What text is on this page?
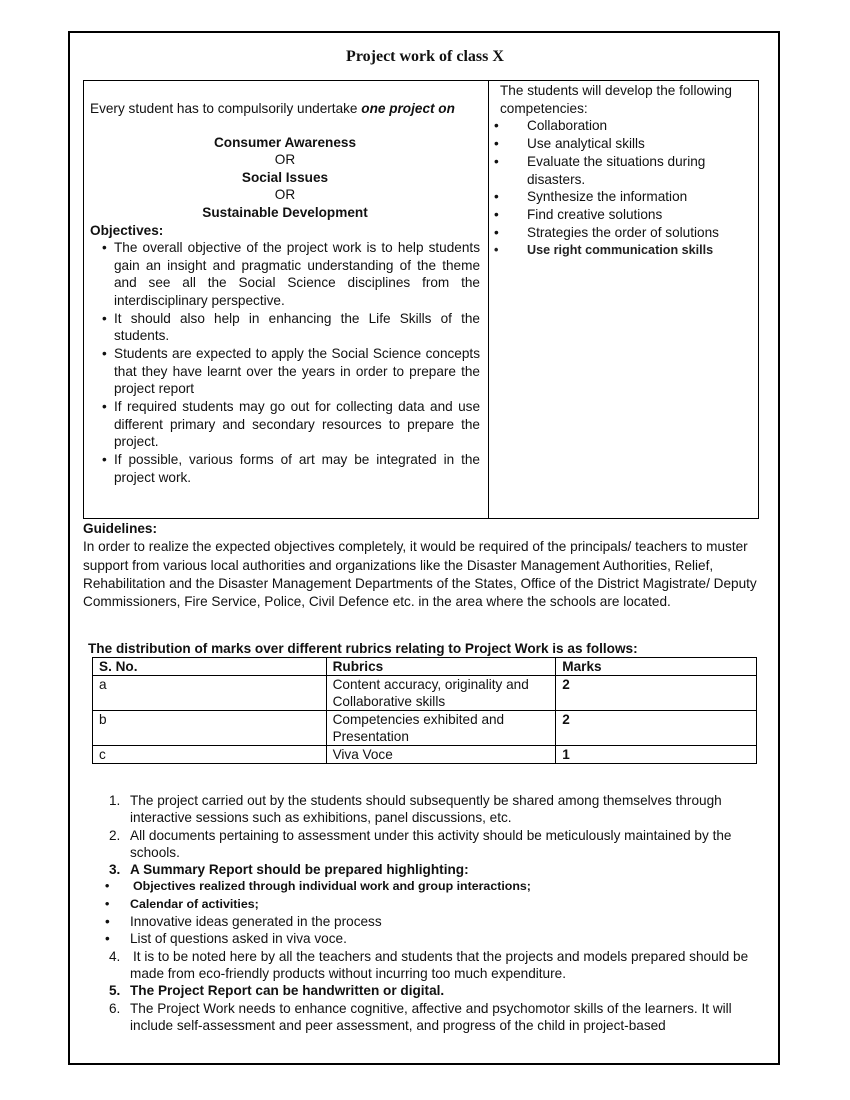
Project work of class X

Every student has to compulsorily undertake one project on

Consumer Awareness
OR
Social Issues
OR
Sustainable Development
Objectives:
• The overall objective of the project work is to help students gain an insight and pragmatic understanding of the theme and see all the Social Science disciplines from the interdisciplinary perspective.
• It should also help in enhancing the Life Skills of the students.
• Students are expected to apply the Social Science concepts that they have learnt over the years in order to prepare the project report
• If required students may go out for collecting data and use different primary and secondary resources to prepare the project.
• If possible, various forms of art may be integrated in the project work.
The students will develop the following competencies:
• Collaboration
• Use analytical skills
• Evaluate the situations during disasters.
• Synthesize the information
• Find creative solutions
• Strategies the order of solutions
• Use right communication skills
Guidelines:
In order to realize the expected objectives completely, it would be required of the principals/ teachers to muster support from various local authorities and organizations like the Disaster Management Authorities, Relief, Rehabilitation and the Disaster Management Departments of the States, Office of the District Magistrate/ Deputy Commissioners, Fire Service, Police, Civil Defence etc. in the area where the schools are located.
The distribution of marks over different rubrics relating to Project Work is as follows:
S. No.	Rubrics	Marks
a	Content accuracy, originality and Collaborative skills	2
b	Competencies exhibited and Presentation	2
c	Viva Voce	1
1. The project carried out by the students should subsequently be shared among themselves through interactive sessions such as exhibitions, panel discussions, etc.
2. All documents pertaining to assessment under this activity should be meticulously maintained by the schools.
3. A Summary Report should be prepared highlighting:
• Objectives realized through individual work and group interactions;
• Calendar of activities;
• Innovative ideas generated in the process
• List of questions asked in viva voce.
4. It is to be noted here by all the teachers and students that the projects and models prepared should be made from eco-friendly products without incurring too much expenditure.
5. The Project Report can be handwritten or digital.
6. The Project Work needs to enhance cognitive, affective and psychomotor skills of the learners. It will include self-assessment and peer assessment, and progress of the child in project-based
